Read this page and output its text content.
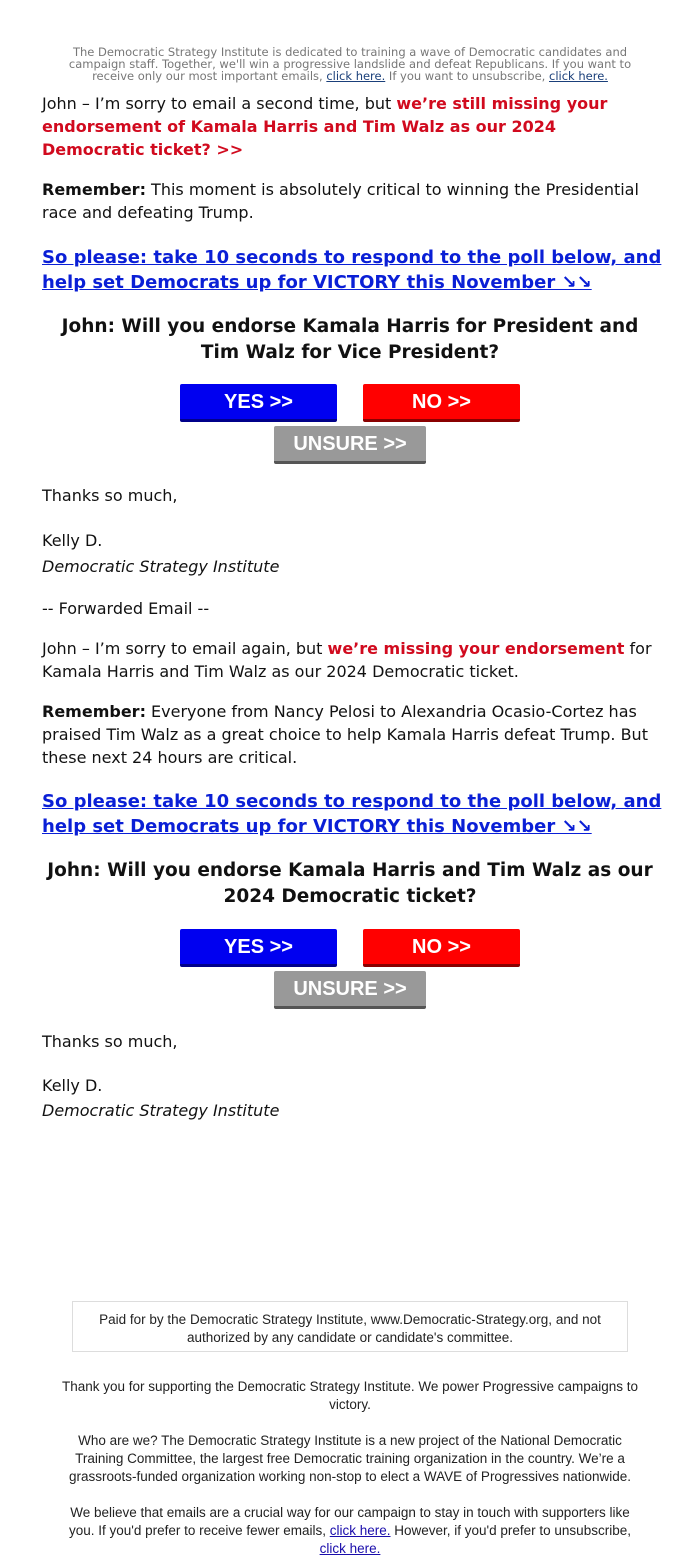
The Democratic Strategy Institute is dedicated to training a wave of Democratic candidates and campaign staff. Together, we'll win a progressive landslide and defeat Republicans. If you want to receive only our most important emails, click here. If you want to unsubscribe, click here.
John – I’m sorry to email a second time, but we’re still missing your endorsement of Kamala Harris and Tim Walz as our 2024 Democratic ticket? >>
Remember: This moment is absolutely critical to winning the Presidential race and defeating Trump.
So please: take 10 seconds to respond to the poll below, and help set Democrats up for VICTORY this November ↘↘
John: Will you endorse Kamala Harris for President and Tim Walz for Vice President?
YES >>	NO >>
UNSURE >>
Thanks so much,
Kelly D.
Democratic Strategy Institute
-- Forwarded Email --
John – I’m sorry to email again, but we’re missing your endorsement for Kamala Harris and Tim Walz as our 2024 Democratic ticket.
Remember: Everyone from Nancy Pelosi to Alexandria Ocasio-Cortez has praised Tim Walz as a great choice to help Kamala Harris defeat Trump. But these next 24 hours are critical.
So please: take 10 seconds to respond to the poll below, and help set Democrats up for VICTORY this November ↘↘
John: Will you endorse Kamala Harris and Tim Walz as our 2024 Democratic ticket?
YES >>	NO >>
UNSURE >>
Thanks so much,
Kelly D.
Democratic Strategy Institute
Paid for by the Democratic Strategy Institute, www.Democratic-Strategy.org, and not authorized by any candidate or candidate's committee.
Thank you for supporting the Democratic Strategy Institute. We power Progressive campaigns to victory.
Who are we? The Democratic Strategy Institute is a new project of the National Democratic Training Committee, the largest free Democratic training organization in the country. We’re a grassroots-funded organization working non-stop to elect a WAVE of Progressives nationwide.
We believe that emails are a crucial way for our campaign to stay in touch with supporters like you. If you'd prefer to receive fewer emails, click here. However, if you'd prefer to unsubscribe, click here.
